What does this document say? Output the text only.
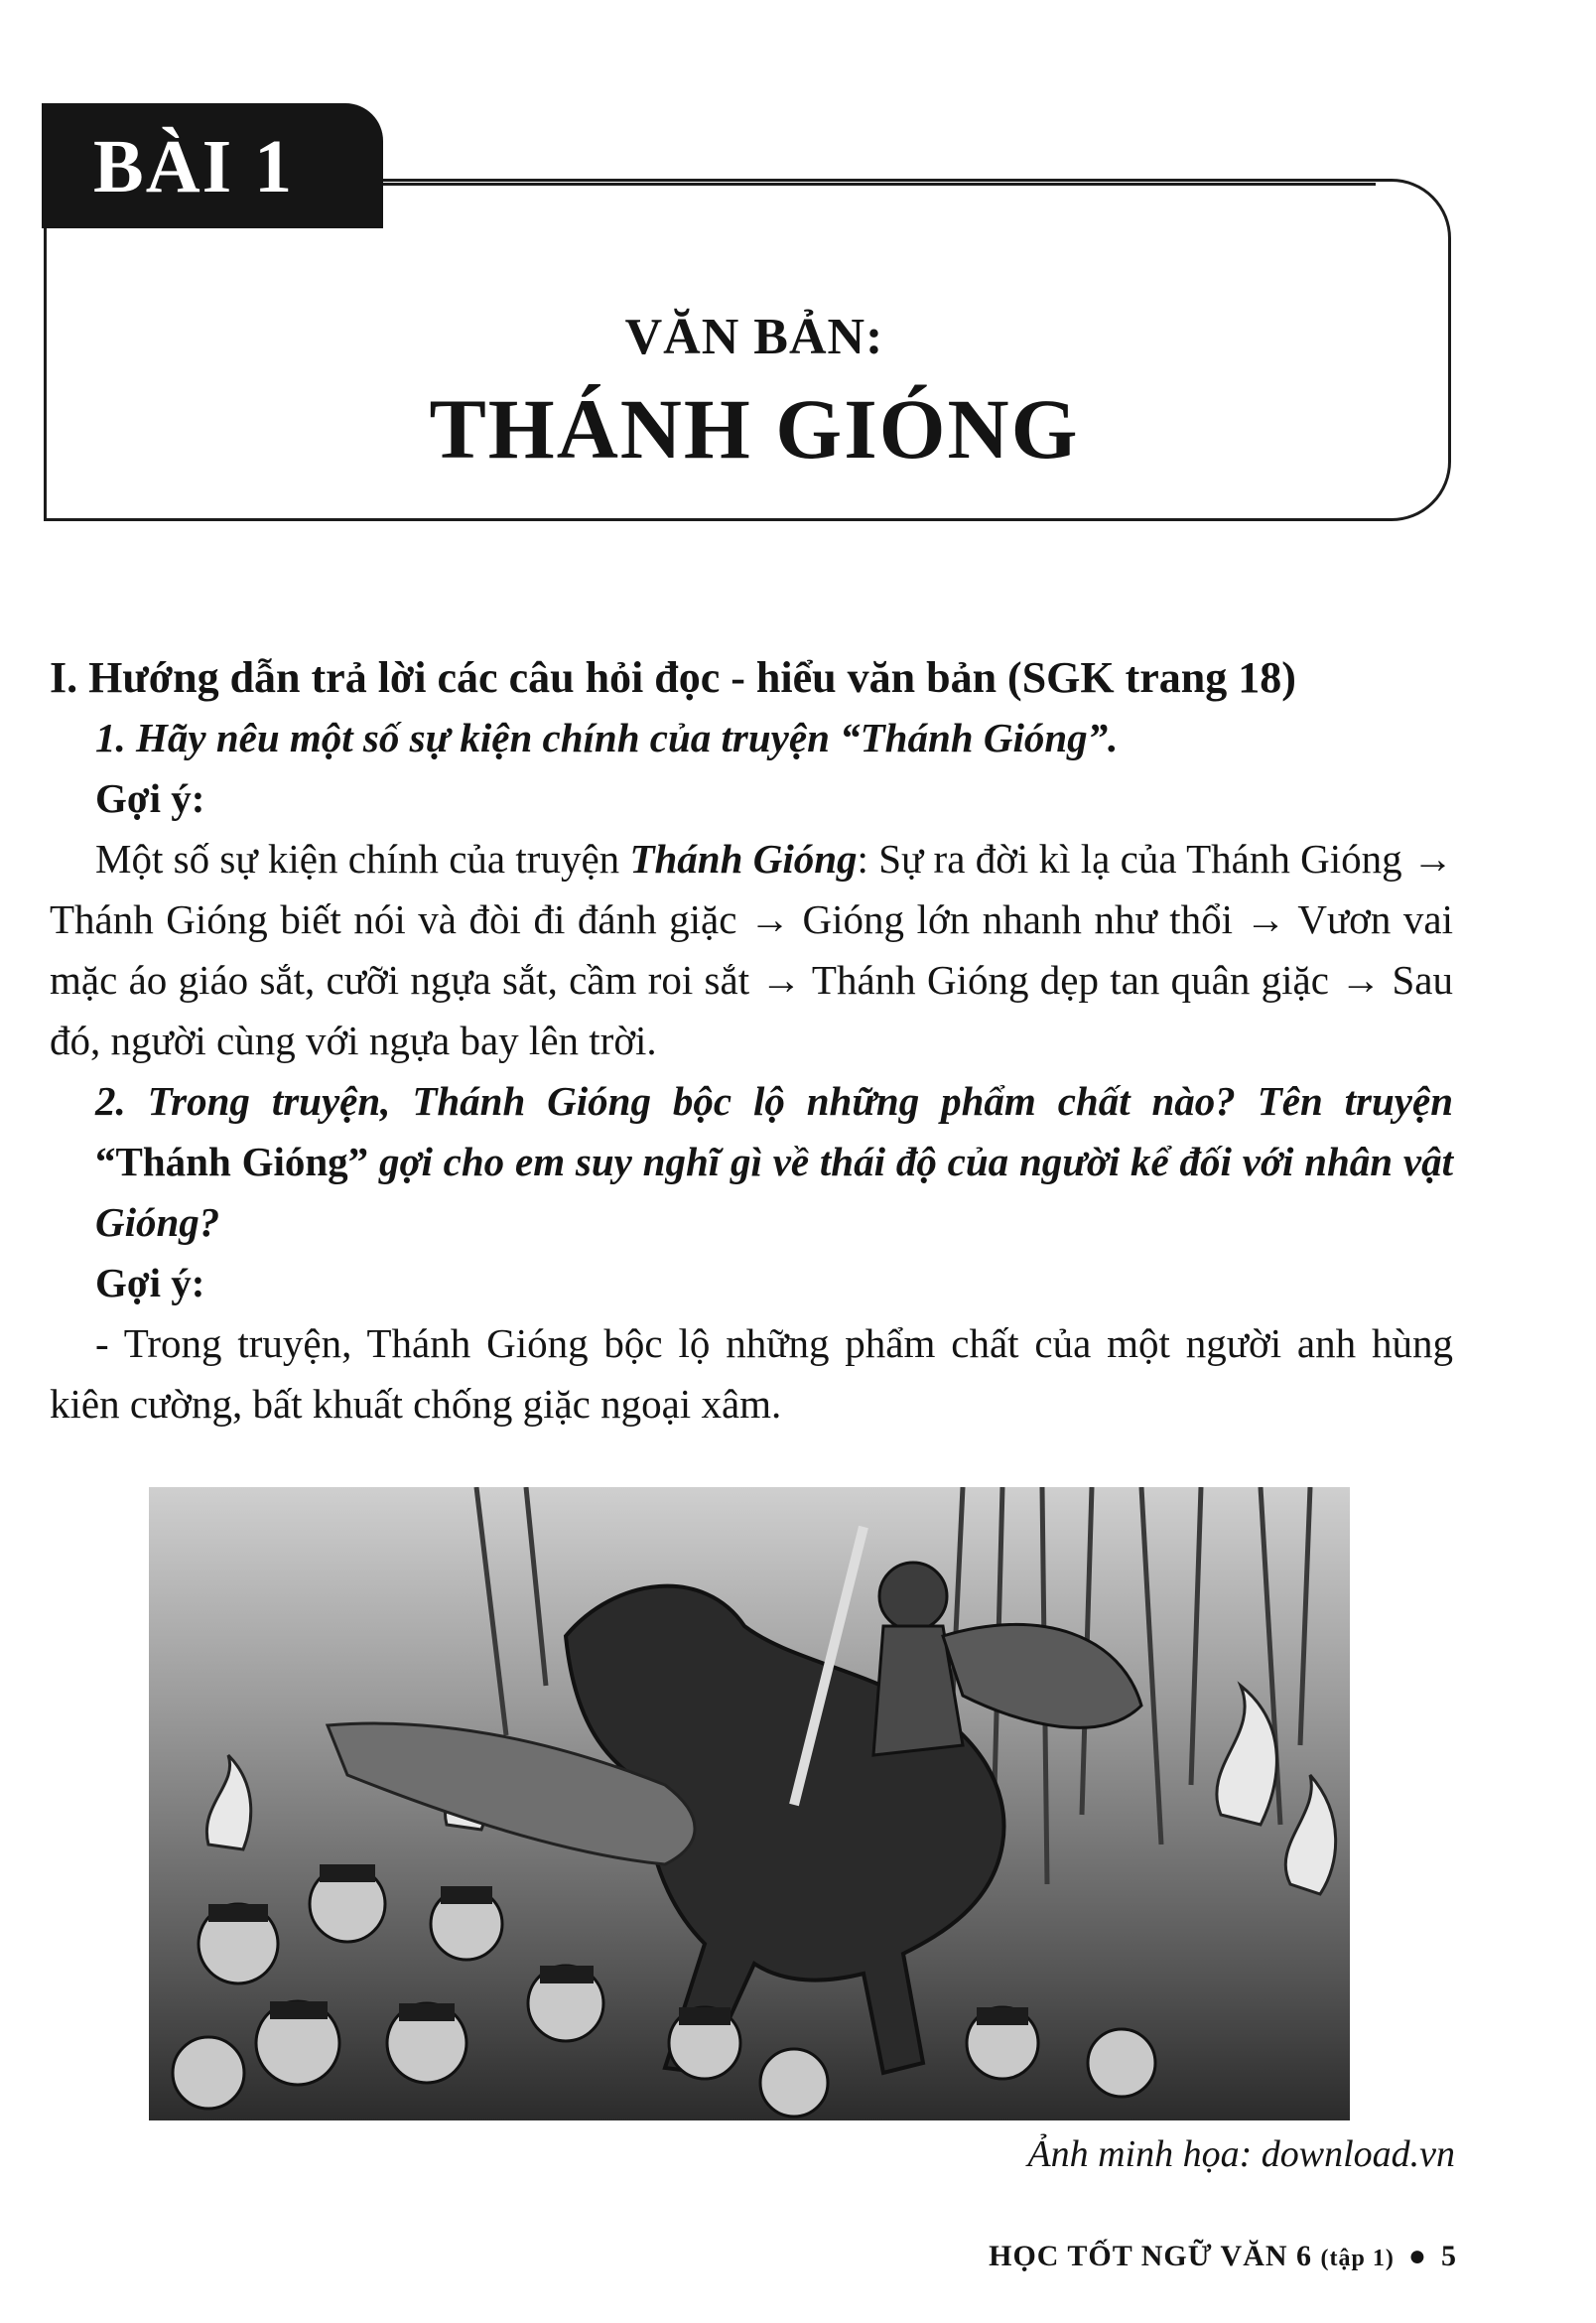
BÀI 1

VĂN BẢN:

THÁNH GIÓNG

I. Hướng dẫn trả lời các câu hỏi đọc - hiểu văn bản (SGK trang 18)

1. Hãy nêu một số sự kiện chính của truyện “Thánh Gióng”.

Gợi ý:

Một số sự kiện chính của truyện Thánh Gióng: Sự ra đời kì lạ của Thánh Gióng → Thánh Gióng biết nói và đòi đi đánh giặc → Gióng lớn nhanh như thổi → Vươn vai mặc áo giáo sắt, cưỡi ngựa sắt, cầm roi sắt → Thánh Gióng dẹp tan quân giặc → Sau đó, người cùng với ngựa bay lên trời.

2. Trong truyện, Thánh Gióng bộc lộ những phẩm chất nào? Tên truyện “Thánh Gióng” gợi cho em suy nghĩ gì về thái độ của người kể đối với nhân vật Gióng?

Gợi ý:

- Trong truyện, Thánh Gióng bộc lộ những phẩm chất của một người anh hùng kiên cường, bất khuất chống giặc ngoại xâm.

Ảnh minh họa: download.vn

HỌC TỐT NGỮ VĂN 6 (tập 1) ● 5
